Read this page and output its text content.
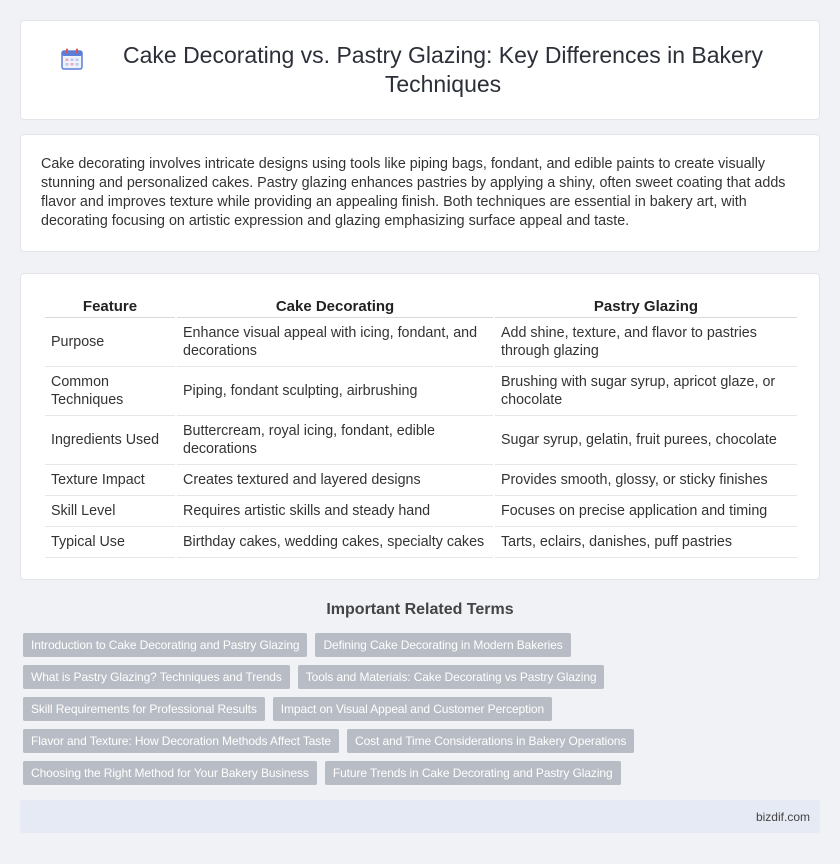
Cake Decorating vs. Pastry Glazing: Key Differences in Bakery Techniques

Cake decorating involves intricate designs using tools like piping bags, fondant, and edible paints to create visually stunning and personalized cakes. Pastry glazing enhances pastries by applying a shiny, often sweet coating that adds flavor and improves texture while providing an appealing finish. Both techniques are essential in bakery art, with decorating focusing on artistic expression and glazing emphasizing surface appeal and taste.

Feature	Cake Decorating	Pastry Glazing
Purpose	Enhance visual appeal with icing, fondant, and decorations	Add shine, texture, and flavor to pastries through glazing
Common Techniques	Piping, fondant sculpting, airbrushing	Brushing with sugar syrup, apricot glaze, or chocolate
Ingredients Used	Buttercream, royal icing, fondant, edible decorations	Sugar syrup, gelatin, fruit purees, chocolate
Texture Impact	Creates textured and layered designs	Provides smooth, glossy, or sticky finishes
Skill Level	Requires artistic skills and steady hand	Focuses on precise application and timing
Typical Use	Birthday cakes, wedding cakes, specialty cakes	Tarts, eclairs, danishes, puff pastries
Important Related Terms
Introduction to Cake Decorating and Pastry Glazing	Defining Cake Decorating in Modern Bakeries
What is Pastry Glazing? Techniques and Trends	Tools and Materials: Cake Decorating vs Pastry Glazing
Skill Requirements for Professional Results	Impact on Visual Appeal and Customer Perception
Flavor and Texture: How Decoration Methods Affect Taste	Cost and Time Considerations in Bakery Operations
Choosing the Right Method for Your Bakery Business	Future Trends in Cake Decorating and Pastry Glazing
bizdif.com
